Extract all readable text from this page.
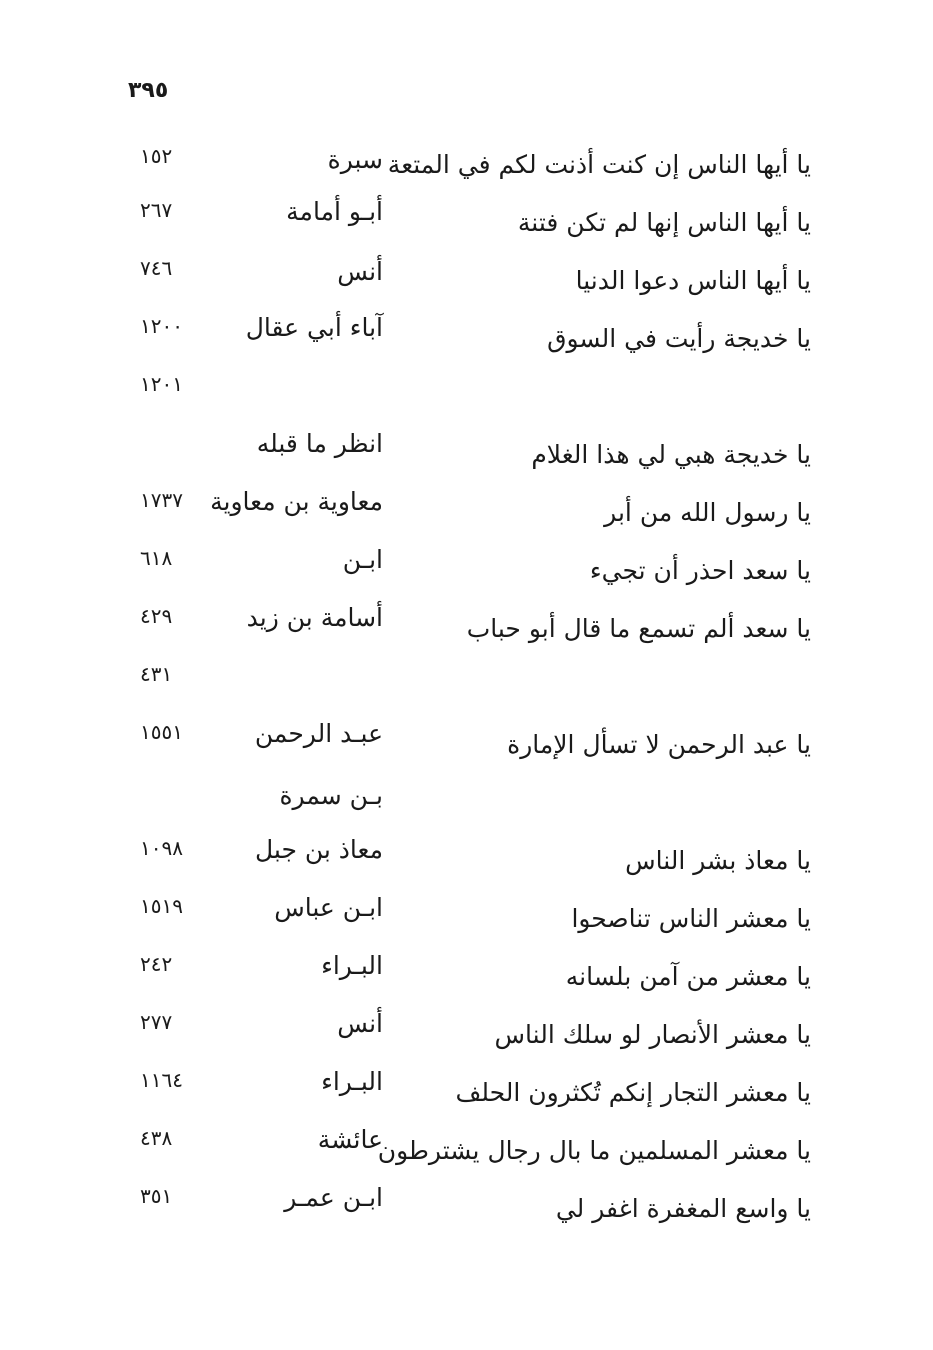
٣٩٥
يا أيها الناس إن كنت أذنت لكم في المتعة
سبرة
١٥٢
يا أيها الناس إنها لم تكن فتنة
أبـو أمامة
٢٦٧
يا أيها الناس دعوا الدنيا
أنس
٧٤٦
يا خديجة رأيت في السوق
آباء أبي عقال
١٢٠٠
١٢٠١
يا خديجة هبي لي هذا الغلام
انظر ما قبله
يا رسول الله من أبر
معاوية بن معاوية
١٧٣٧
يا سعد احذر أن تجيء
ابـن
٦١٨
يا سعد ألم تسمع ما قال أبو حباب
أسامة بن زيد
٤٢٩
٤٣١
يا عبد الرحمن لا تسأل الإمارة
عبـد الرحمن
١٥٥١
بـن سمرة
يا معاذ بشر الناس
معاذ بن جبل
١٠٩٨
يا معشر الناس تناصحوا
ابـن عباس
١٥١٩
يا معشر من آمن بلسانه
البـراء
٢٤٢
يا معشر الأنصار لو سلك الناس
أنس
٢٧٧
يا معشر التجار إنكم تُكثرون الحلف
البـراء
١١٦٤
يا معشر المسلمين ما بال رجال يشترطون
عائشة
٤٣٨
يا واسع المغفرة اغفر لي
ابـن عمـر
٣٥١
